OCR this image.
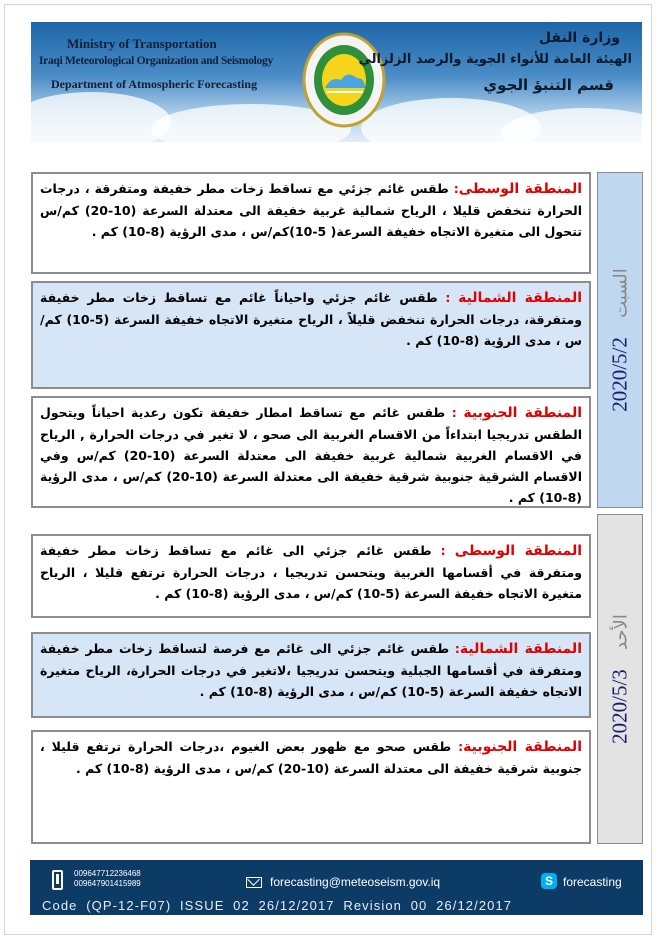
Ministry of Transportation
Iraqi Meteorological Organization and Seismology
Department of Atmospheric Forecasting
وزارة النقل
الهيئة العامة للأنواء الجوية والرصد الزلزالي
قسم التنبؤ الجوي
2020/5/2 السبت
المنطقة الوسطى: طقس غائم جزئي مع تساقط زخات مطر خفيفة ومتفرقة ، درجات الحرارة تنخفض قليلا ، الرياح شمالية غربية خفيفة الى معتدلة السرعة (10-20) كم/س تتحول الى متغيرة الاتجاه خفيفة السرعة( 5-10)كم/س ، مدى الرؤية (8-10) كم .
المنطقة الشمالية : طقس غائم جزئي واحياناً غائم مع تساقط زخات مطر خفيفة ومتفرقة، درجات الحرارة تنخفض قليلاً ، الرياح متغيرة الاتجاه خفيفة السرعة (5-10) كم/س ، مدى الرؤية (8-10) كم .
المنطقة الجنوبية : طقس غائم مع تساقط امطار خفيفة تكون رعدية احياناً ويتحول الطقس تدريجيا ابتداءاً من الاقسام الغربية الى صحو ، لا تغير في درجات الحرارة , الرياح في الاقسام الغربية شمالية غربية خفيفة الى معتدلة السرعة (10-20) كم/س وفي الاقسام الشرقية جنوبية شرقية خفيفة الى معتدلة السرعة (10-20) كم/س ، مدى الرؤية (8-10) كم .
2020/5/3 الأحد
المنطقة الوسطى : طقس غائم جزئي الى غائم مع تساقط زخات مطر خفيفة ومتفرقة في أقسامها الغربية ويتحسن تدريجيا ، درجات الحرارة ترتفع قليلا ، الرياح متغيرة الاتجاه خفيفة السرعة (5-10) كم/س ، مدى الرؤية (8-10) كم .
المنطقة الشمالية: طقس غائم جزئي الى غائم مع فرصة لتساقط زخات مطر خفيفة ومتفرقة في أقسامها الجبلية ويتحسن تدريجيا ،لاتغير في درجات الحرارة، الرياح متغيرة الاتجاه خفيفة السرعة (5-10) كم/س ، مدى الرؤية (8-10) كم .
المنطقة الجنوبية: طقس صحو مع ظهور بعض الغيوم ،درجات الحرارة ترتفع قليلا ، جنوبية شرقية خفيفة الى معتدلة السرعة (10-20) كم/س ، مدى الرؤية (8-10) كم .
009647712236468
009647901415989	forecasting@meteoseism.gov.iq	S forecasting
Code (QP-12-F07) ISSUE 02 26/12/2017 Revision 00 26/12/2017
